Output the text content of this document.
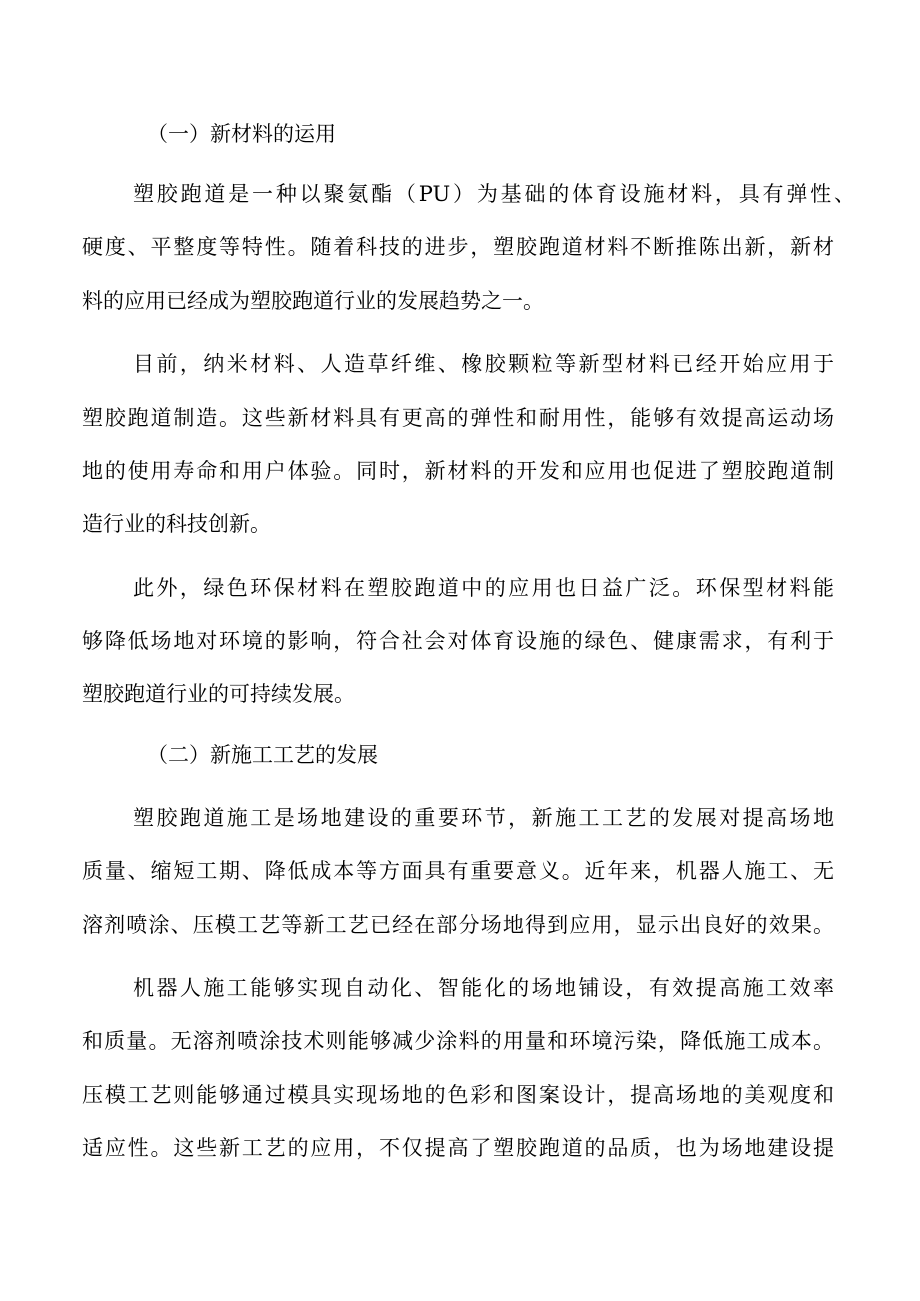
（一）新材料的运用
塑胶跑道是一种以聚氨酯（PU）为基础的体育设施材料，具有弹性、
硬度、平整度等特性。随着科技的进步，塑胶跑道材料不断推陈出新，新材
料的应用已经成为塑胶跑道行业的发展趋势之一。
目前，纳米材料、人造草纤维、橡胶颗粒等新型材料已经开始应用于
塑胶跑道制造。这些新材料具有更高的弹性和耐用性，能够有效提高运动场
地的使用寿命和用户体验。同时，新材料的开发和应用也促进了塑胶跑道制
造行业的科技创新。
此外，绿色环保材料在塑胶跑道中的应用也日益广泛。环保型材料能
够降低场地对环境的影响，符合社会对体育设施的绿色、健康需求，有利于
塑胶跑道行业的可持续发展。
（二）新施工工艺的发展
塑胶跑道施工是场地建设的重要环节，新施工工艺的发展对提高场地
质量、缩短工期、降低成本等方面具有重要意义。近年来，机器人施工、无
溶剂喷涂、压模工艺等新工艺已经在部分场地得到应用，显示出良好的效果。
机器人施工能够实现自动化、智能化的场地铺设，有效提高施工效率
和质量。无溶剂喷涂技术则能够减少涂料的用量和环境污染，降低施工成本。
压模工艺则能够通过模具实现场地的色彩和图案设计，提高场地的美观度和
适应性。这些新工艺的应用，不仅提高了塑胶跑道的品质，也为场地建设提
